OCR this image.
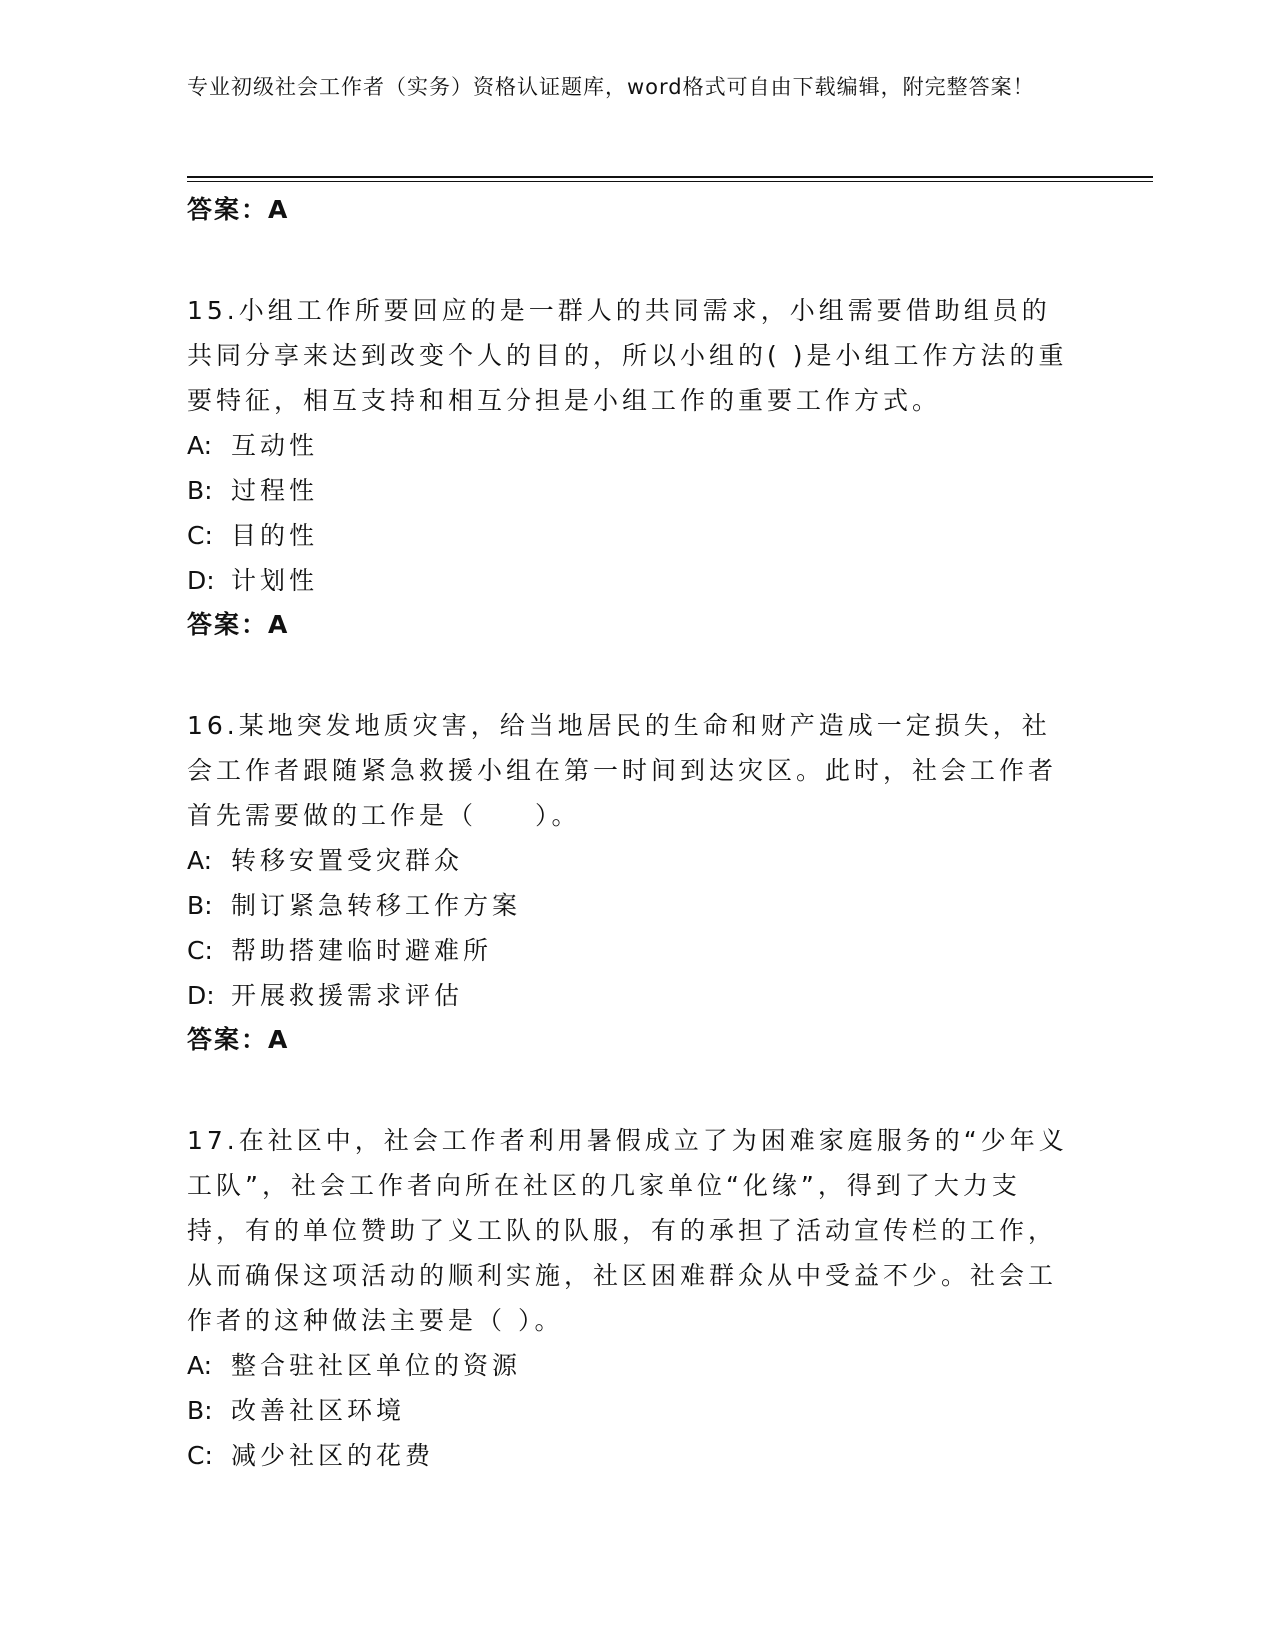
专业初级社会工作者（实务）资格认证题库，word格式可自由下载编辑，附完整答案！
答案：A
15.小组工作所要回应的是一群人的共同需求，小组需要借助组员的共同分享来达到改变个人的目的，所以小组的( )是小组工作方法的重要特征，相互支持和相互分担是小组工作的重要工作方式。
A: 互动性
B: 过程性
C: 目的性
D: 计划性
答案：A
16.某地突发地质灾害，给当地居民的生命和财产造成一定损失，社会工作者跟随紧急救援小组在第一时间到达灾区。此时，社会工作者首先需要做的工作是（　　）。
A: 转移安置受灾群众
B: 制订紧急转移工作方案
C: 帮助搭建临时避难所
D: 开展救援需求评估
答案：A
17.在社区中，社会工作者利用暑假成立了为困难家庭服务的“少年义工队”，社会工作者向所在社区的几家单位“化缘”，得到了大力支持，有的单位赞助了义工队的队服，有的承担了活动宣传栏的工作，从而确保这项活动的顺利实施，社区困难群众从中受益不少。社会工作者的这种做法主要是（ ）。
A: 整合驻社区单位的资源
B: 改善社区环境
C: 减少社区的花费
